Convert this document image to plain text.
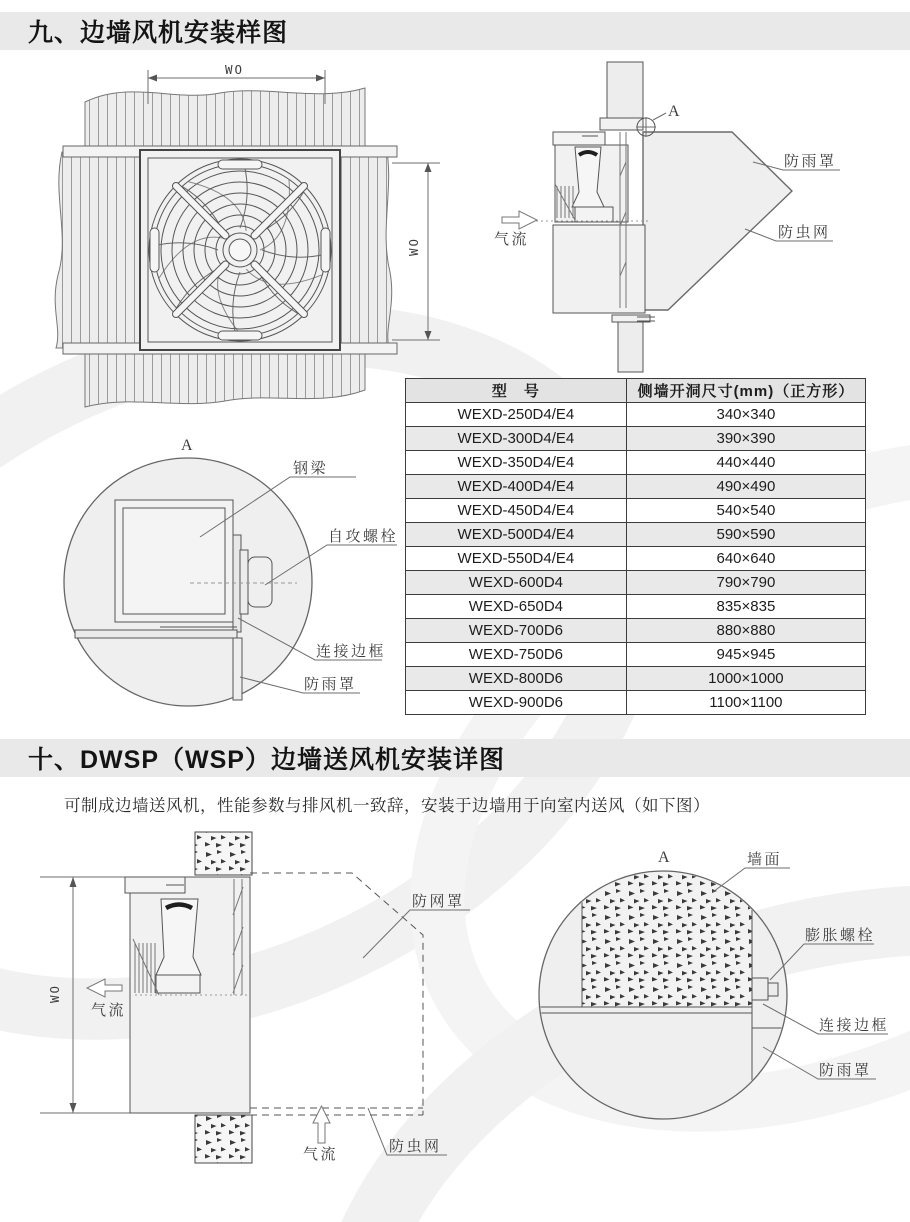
九、边墙风机安装样图
WO
WO
A
气流
防雨罩
防虫网
A
钢梁
自攻螺栓
连接边框
防雨罩
型　号	侧墙开洞尺寸(mm)（正方形）
WEXD-250D4/E4	340×340
WEXD-300D4/E4	390×390
WEXD-350D4/E4	440×440
WEXD-400D4/E4	490×490
WEXD-450D4/E4	540×540
WEXD-500D4/E4	590×590
WEXD-550D4/E4	640×640
WEXD-600D4	790×790
WEXD-650D4	835×835
WEXD-700D6	880×880
WEXD-750D6	945×945
WEXD-800D6	1000×1000
WEXD-900D6	1100×1100
十、DWSP（WSP）边墙送风机安装详图
可制成边墙送风机，性能参数与排风机一致辞，安装于边墙用于向室内送风（如下图）
WO
防网罩
气流
气流	防虫网
A	墙面
膨胀螺栓
连接边框
防雨罩
